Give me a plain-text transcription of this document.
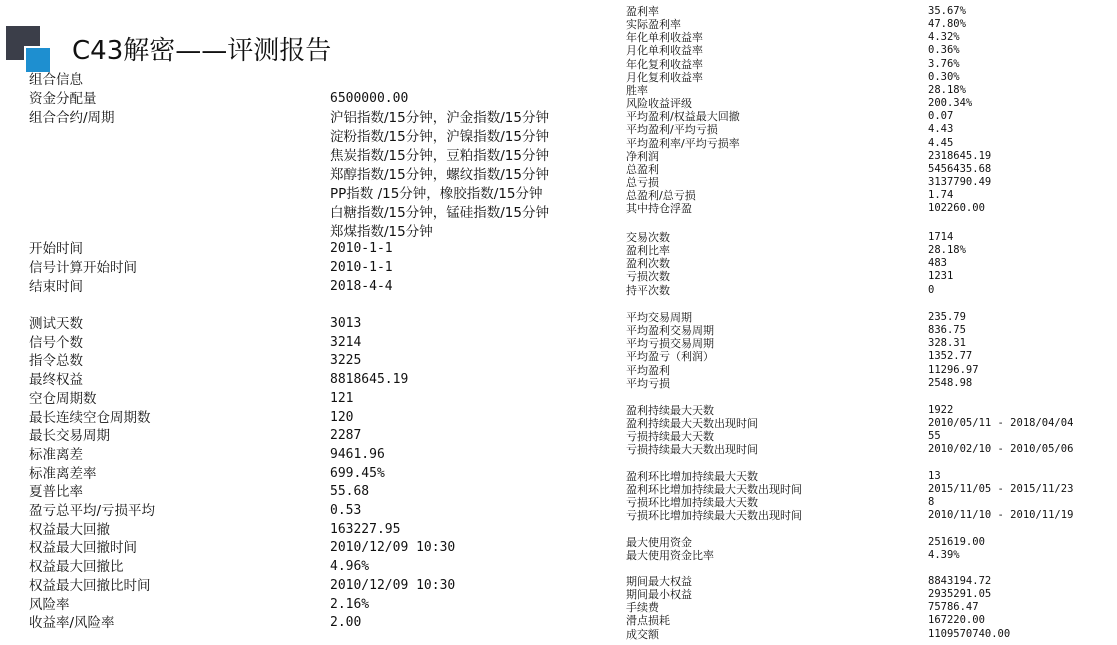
C43解密——评测报告
组合信息
资金分配量	6500000.00
组合合约/周期	沪铝指数/15分钟，沪金指数/15分钟
淀粉指数/15分钟，沪镍指数/15分钟
焦炭指数/15分钟，豆粕指数/15分钟
郑醇指数/15分钟，螺纹指数/15分钟
PP指数 /15分钟，橡胶指数/15分钟
白糖指数/15分钟，锰硅指数/15分钟
郑煤指数/15分钟
开始时间	2010-1-1
信号计算开始时间	2010-1-1
结束时间	2018-4-4
测试天数	3013
信号个数	3214
指令总数	3225
最终权益	8818645.19
空仓周期数	121
最长连续空仓周期数	120
最长交易周期	2287
标准离差	9461.96
标准离差率	699.45%
夏普比率	55.68
盈亏总平均/亏损平均	0.53
权益最大回撤	163227.95
权益最大回撤时间	2010/12/09 10:30
权益最大回撤比	4.96%
权益最大回撤比时间	2010/12/09 10:30
风险率	2.16%
收益率/风险率	2.00
盈利率	35.67%
实际盈利率	47.80%
年化单利收益率	4.32%
月化单利收益率	0.36%
年化复利收益率	3.76%
月化复利收益率	0.30%
胜率	28.18%
风险收益评级	200.34%
平均盈利/权益最大回撤	0.07
平均盈利/平均亏损	4.43
平均盈利率/平均亏损率	4.45
净利润	2318645.19
总盈利	5456435.68
总亏损	3137790.49
总盈利/总亏损	1.74
其中持仓浮盈	102260.00
交易次数	1714
盈利比率	28.18%
盈利次数	483
亏损次数	1231
持平次数	0
平均交易周期	235.79
平均盈利交易周期	836.75
平均亏损交易周期	328.31
平均盈亏（利润）	1352.77
平均盈利	11296.97
平均亏损	2548.98
盈利持续最大天数	1922
盈利持续最大天数出现时间	2010/05/11 - 2018/04/04
亏损持续最大天数	55
亏损持续最大天数出现时间	2010/02/10 - 2010/05/06
盈利环比增加持续最大天数	13
盈利环比增加持续最大天数出现时间	2015/11/05 - 2015/11/23
亏损环比增加持续最大天数	8
亏损环比增加持续最大天数出现时间	2010/11/10 - 2010/11/19
最大使用资金	251619.00
最大使用资金比率	4.39%
期间最大权益	8843194.72
期间最小权益	2935291.05
手续费	75786.47
滑点损耗	167220.00
成交额	1109570740.00
